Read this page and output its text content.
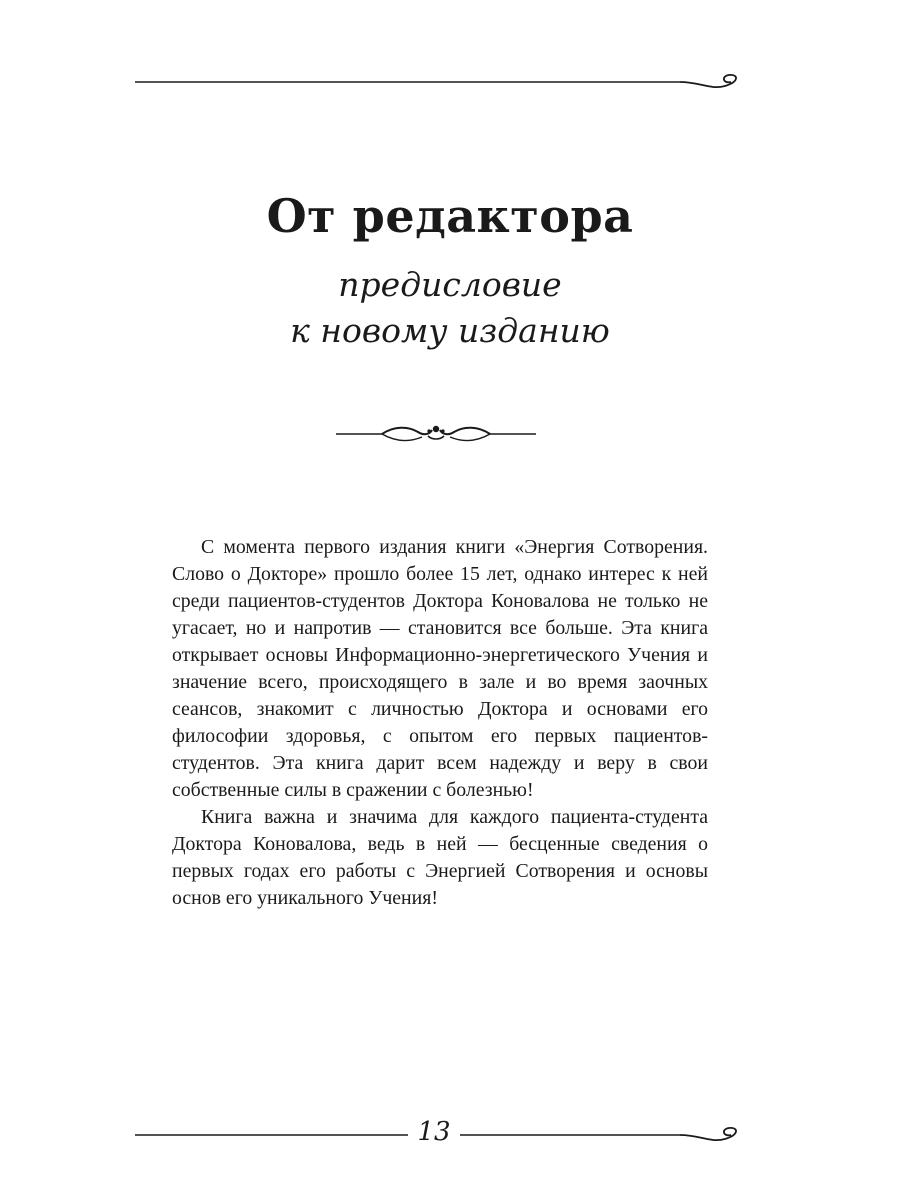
От редактора
предисловие
к новому изданию

С момента первого издания книги «Энергия Сотворения. Слово о Докторе» прошло более 15 лет, однако интерес к ней среди пациентов-студентов Доктора Коновалова не только не угасает, но и напротив — становится все больше. Эта книга открывает основы Информационно-энергетического Учения и значение всего, происходящего в зале и во время заочных сеансов, знакомит с личностью Доктора и основами его философии здоровья, с опытом его первых пациентов-студентов. Эта книга дарит всем надежду и веру в свои собственные силы в сражении с болезнью!

Книга важна и значима для каждого пациента-студента Доктора Коновалова, ведь в ней — бесценные сведения о первых годах его работы с Энергией Сотворения и основы основ его уникального Учения!

13
